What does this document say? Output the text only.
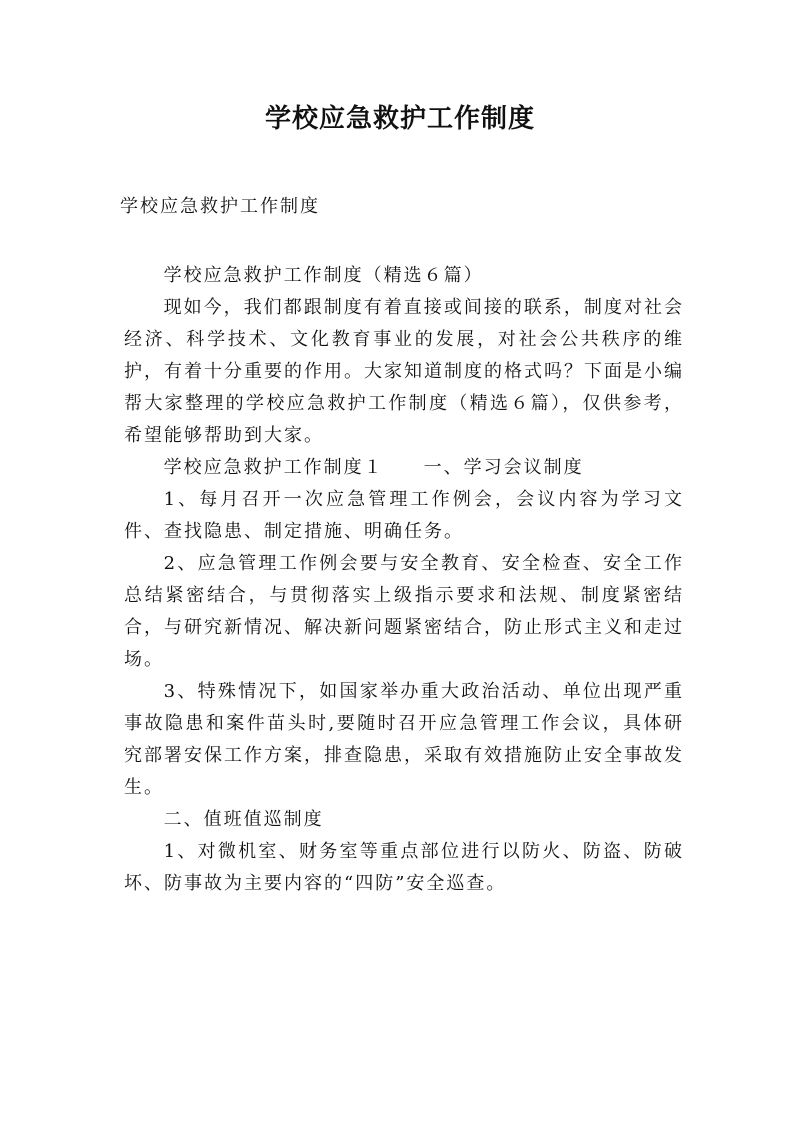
学校应急救护工作制度

学校应急救护工作制度

学校应急救护工作制度（精选６篇）

现如今，我们都跟制度有着直接或间接的联系，制度对社会经济、科学技术、文化教育事业的发展，对社会公共秩序的维护，有着十分重要的作用。大家知道制度的格式吗？下面是小编帮大家整理的学校应急救护工作制度（精选６篇），仅供参考，希望能够帮助到大家。

学校应急救护工作制度１　　一、学习会议制度

1、每月召开一次应急管理工作例会，会议内容为学习文件、查找隐患、制定措施、明确任务。

2、应急管理工作例会要与安全教育、安全检查、安全工作总结紧密结合，与贯彻落实上级指示要求和法规、制度紧密结合，与研究新情况、解决新问题紧密结合，防止形式主义和走过场。

3、特殊情况下，如国家举办重大政治活动、单位出现严重事故隐患和案件苗头时,要随时召开应急管理工作会议，具体研究部署安保工作方案，排查隐患，采取有效措施防止安全事故发生。

二、值班值巡制度

1、对微机室、财务室等重点部位进行以防火、防盗、防破坏、防事故为主要内容的“四防”安全巡查。
